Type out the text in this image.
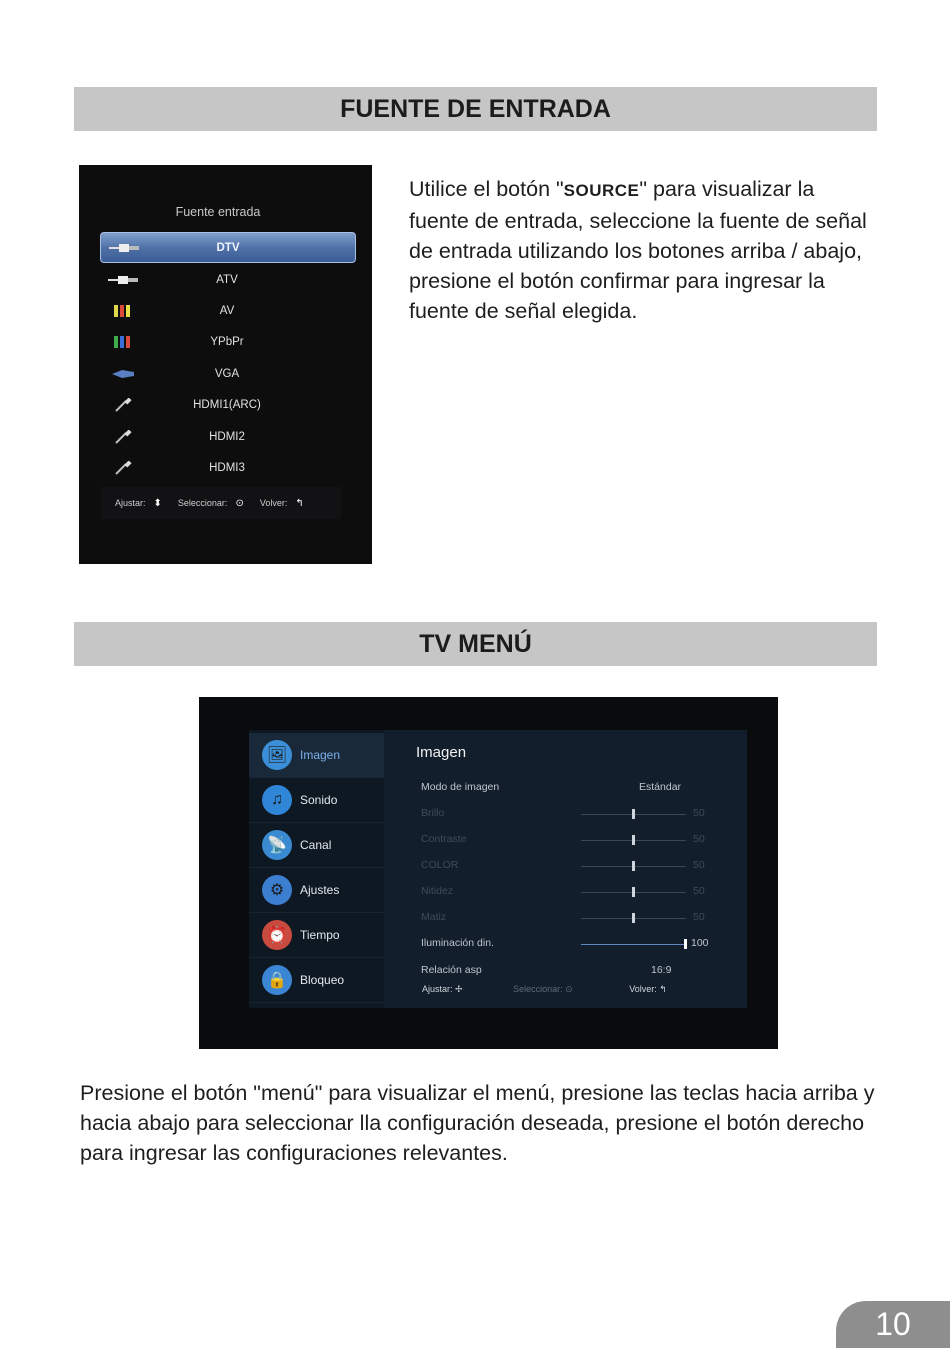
FUENTE DE ENTRADA
Fuente entrada
DTV
ATV
AV
YPbPr
VGA
HDMI1(ARC)
HDMI2
HDMI3
Ajustar: ⬍ Seleccionar: ⊙ Volver: ↰

Utilice el botón "SOURCE" para visualizar la fuente de entrada, seleccione la fuente de señal de entrada utilizando los botones arriba / abajo, presione el botón confirmar para ingresar la fuente de señal elegida.

TV MENÚ
🖼	Imagen
♫	Sonido
📡	Canal
⚙	Ajustes
⏰	Tiempo
🔒	Bloqueo
Imagen
Modo de imagen	Estándar
Brillo	50
Contraste	50
COLOR	50
Nitidez	50
Matiz	50
Iluminación din.	100
Relación asp	16:9
Ajustar: ✢	Seleccionar: ⊙	Volver: ↰

Presione el botón "menú" para visualizar el menú, presione las teclas hacia arriba y hacia abajo para seleccionar lla configuración deseada, presione el botón derecho para ingresar las configuraciones relevantes.

10
